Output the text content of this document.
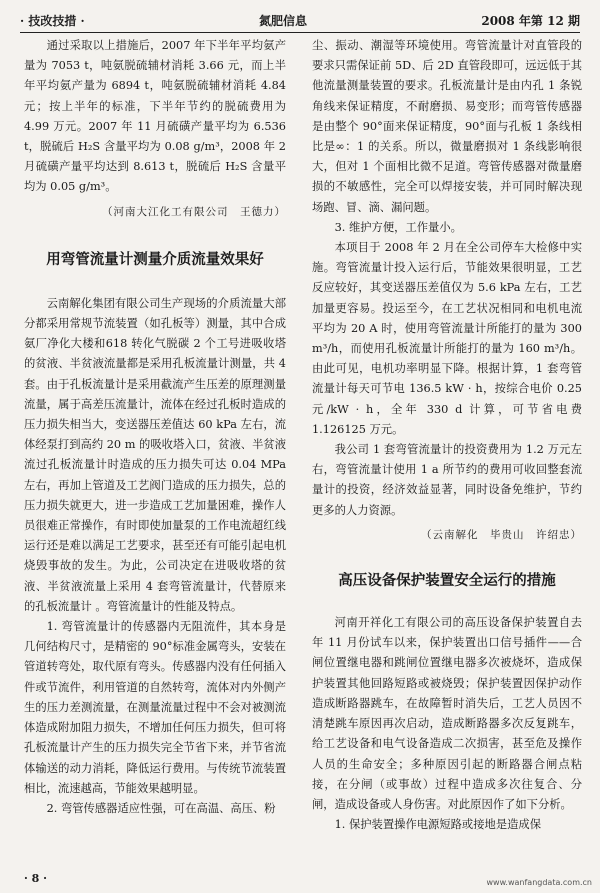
· 技改技措 ·	氮肥信息	2008 年第 12 期

通过采取以上措施后，2007 年下半年平均氨产量为 7053 t，吨氨脱硫辅材消耗 3.66 元，而上半年平均氨产量为 6894 t，吨氨脱硫辅材消耗 4.84元；按上半年的标准，下半年节约的脱硫费用为 4.99 万元。2007 年 11 月硫磺产量平均为 6.536 t，脱硫后 H₂S 含量平均为 0.08 g/m³，2008 年 2 月硫磺产量平均达到 8.613 t，脱硫后 H₂S 含量平均为 0.05 g/m³。

（河南大江化工有限公司　王德力）
用弯管流量计测量介质流量效果好

云南解化集团有限公司生产现场的介质流量大部分都采用常规节流装置（如孔板等）测量，其中合成氨厂净化大楼和618 转化气脱碳 2 个工号进吸收塔的贫液、半贫液流量都是采用孔板流量计测量，共 4 套。由于孔板流量计是采用截流产生压差的原理测量流量，属于高差压流量计，流体在经过孔板时造成的压力损失相当大，变送器压差值达 60 kPa 左右，流体经泵打到高约 20 m 的吸收塔入口，贫液、半贫液流过孔板流量计时造成的压力损失可达 0.04 MPa 左右，再加上管道及工艺阀门造成的压力损失，总的压力损失就更大，进一步造成工艺加量困难，操作人员很难正常操作，有时即使加量泵的工作电流超红线运行还是难以满足工艺要求，甚至还有可能引起电机烧毁事故的发生。为此，公司决定在进吸收塔的贫液、半贫液流量上采用 4 套弯管流量计，代替原来的孔板流量计 。弯管流量计的性能及特点。

1. 弯管流量计的传感器内无阻流件，其本身是几何结构尺寸，是精密的 90°标准金属弯头，安装在管道转弯处，取代原有弯头。传感器内没有任何插入件或节流件，利用管道的自然转弯，流体对内外侧产生的压力差测流量，在测量流量过程中不会对被测流体造成附加阻力损失，不增加任何压力损失，但可将孔板流量计产生的压力损失完全节省下来，并节省流体输送的动力消耗，降低运行费用。与传统节流装置相比，流速越高，节能效果越明显。

2. 弯管传感器适应性强，可在高温、高压、粉

尘、振动、潮湿等环境使用。弯管流量计对直管段的要求只需保证前 5D、后 2D 直管段即可，远远低于其他流量测量装置的要求。孔板流量计是由内孔 1 条锐角线来保证精度，不耐磨损、易变形；而弯管传感器是由整个 90°面来保证精度，90°面与孔板 1 条线相比是∞：1 的关系。所以，微量磨损对 1 条线影响很大，但对 1 个面相比微不足道。弯管传感器对微量磨损的不敏感性，完全可以焊接安装，并可同时解决现场跑、冒、滴、漏问题。

3. 维护方便，工作量小。

本项目于 2008 年 2 月在全公司停车大检修中实施。弯管流量计投入运行后，节能效果很明显，工艺反应较好，其变送器压差值仅为 5.6 kPa 左右，工艺加量更容易。投运至今，在工艺状况相同和电机电流平均为 20 A 时，使用弯管流量计所能打的量为 300 m³/h，而使用孔板流量计所能打的量为 160 m³/h。由此可见，电机功率明显下降。根据计算，1 套弯管流量计每天可节电 136.5 kW · h，按综合电价 0.25 元/kW · h，全年 330 d 计算，可节省电费 1.126125 万元。

我公司 1 套弯管流量计的投资费用为 1.2 万元左右，弯管流量计使用 1 a 所节约的费用可收回整套流量计的投资，经济效益显著，同时设备免维护，节约更多的人力资源。

（云南解化　毕贵山　许绍忠）
高压设备保护装置安全运行的措施

河南开祥化工有限公司的高压设备保护装置自去年 11 月份试车以来，保护装置出口信号插件——合闸位置继电器和跳闸位置继电器多次被烧坏，造成保护装置其他回路短路或被烧毁；保护装置因保护动作造成断路器跳车，在故障暂时消失后，工艺人员因不清楚跳车原因再次启动，造成断路器多次反复跳车，给工艺设备和电气设备造成二次损害，甚至危及操作人员的生命安全；多种原因引起的断路器合闸点粘接，在分闸（或事故）过程中造成多次往复合、分闸，造成设备或人身伤害。对此原因作了如下分析。

1. 保护装置操作电源短路或接地是造成保

· 8 ·	www.wanfangdata.com.cn
